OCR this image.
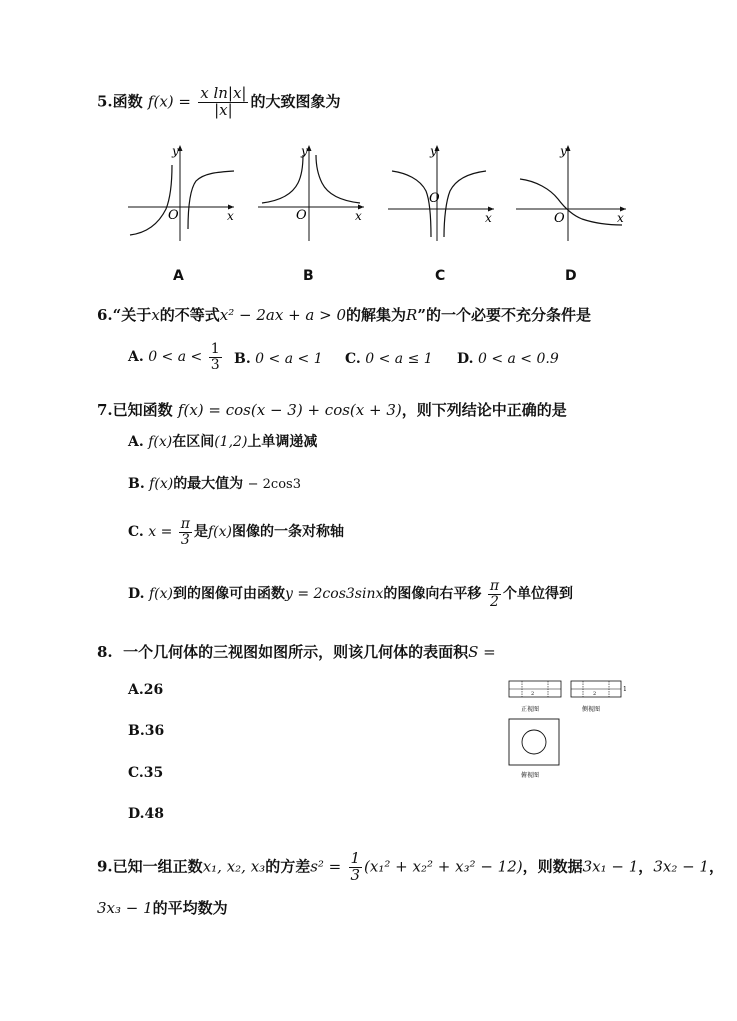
5.函数 $f(x) = \frac{\text{x ln|x|}}{|x|}$ 的大致图象为
y
x
O
A
y
x
O
B
y
x
O
C
y
x
O
D
6.“关于x的不等式x² − 2ax + a > 0的解集为R”的一个必要不充分条件是
A. $0 < a < \frac{1}{3} B$. 0 < a < 1 C. 0 < a ≤ 1 D. 0 < a < 0.9
7.已知函数 f(x) = cos(x − 3) + cos(x + 3)，则下列结论中正确的是
A. f(x)在区间(1,2)上单调递减
B. f(x)的最大值为 − 2cos3
C. $x = \frac{\pi}{3}$ 是f(x)图像的一条对称轴
D. f(x)到的图像可由函数y = 2cos3sinx的图像向右平移 $\frac{\pi}{2}$ 个单位得到
8. 一个几何体的三视图如图所示，则该几何体的表面积S =
A.26
B.36
C.35
D.48
2
正视图
2
1
侧视图
俯视图
9.已知一组正数x₁, x₂, x₃的方差$s^2 = \frac{1}{3} (x_1^2 + x_2^2 + x_3^2 - 12)$，则数据3x₁ − 1，3x₂ − 1，
3x₃ − 1的平均数为
